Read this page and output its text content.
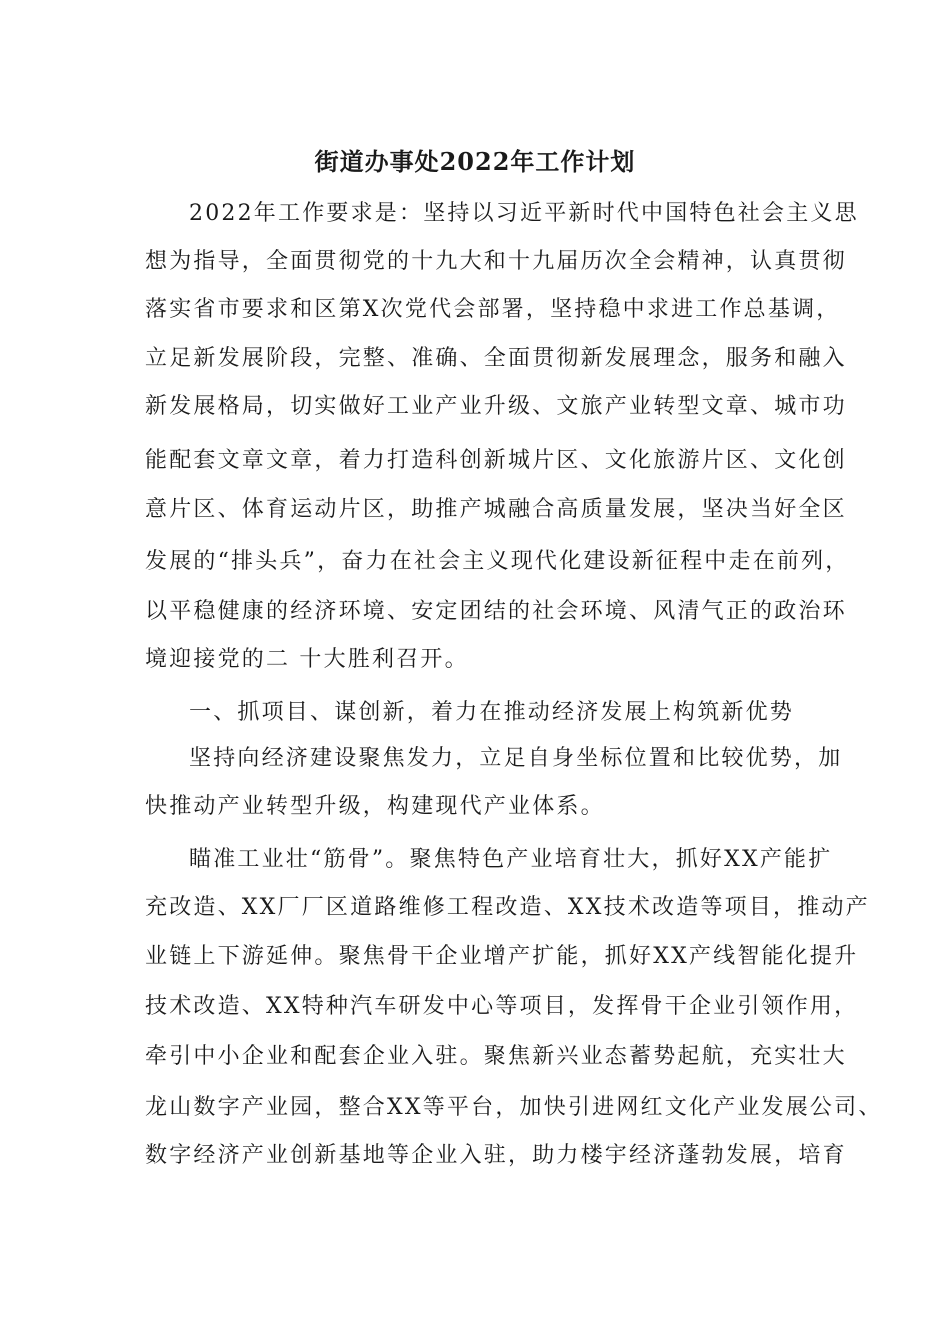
街道办事处2022年工作计划
2022年工作要求是：坚持以习近平新时代中国特色社会主义思
想为指导，全面贯彻党的十九大和十九届历次全会精神，认真贯彻
落实省市要求和区第X次党代会部署，坚持稳中求进工作总基调，
立足新发展阶段，完整、准确、全面贯彻新发展理念，服务和融入
新发展格局，切实做好工业产业升级、文旅产业转型文章、城市功
能配套文章文章，着力打造科创新城片区、文化旅游片区、文化创
意片区、体育运动片区，助推产城融合高质量发展，坚决当好全区
发展的“排头兵”，奋力在社会主义现代化建设新征程中走在前列，
以平稳健康的经济环境、安定团结的社会环境、风清气正的政治环
境迎接党的二 十大胜利召开。
一、抓项目、谋创新，着力在推动经济发展上构筑新优势
坚持向经济建设聚焦发力，立足自身坐标位置和比较优势，加
快推动产业转型升级，构建现代产业体系。
瞄准工业壮“筋骨”。聚焦特色产业培育壮大，抓好XX产能扩
充改造、XX厂厂区道路维修工程改造、XX技术改造等项目，推动产
业链上下游延伸。聚焦骨干企业增产扩能，抓好XX产线智能化提升
技术改造、XX特种汽车研发中心等项目，发挥骨干企业引领作用，
牵引中小企业和配套企业入驻。聚焦新兴业态蓄势起航，充实壮大
龙山数字产业园，整合XX等平台，加快引进网红文化产业发展公司、
数字经济产业创新基地等企业入驻，助力楼宇经济蓬勃发展，培育
